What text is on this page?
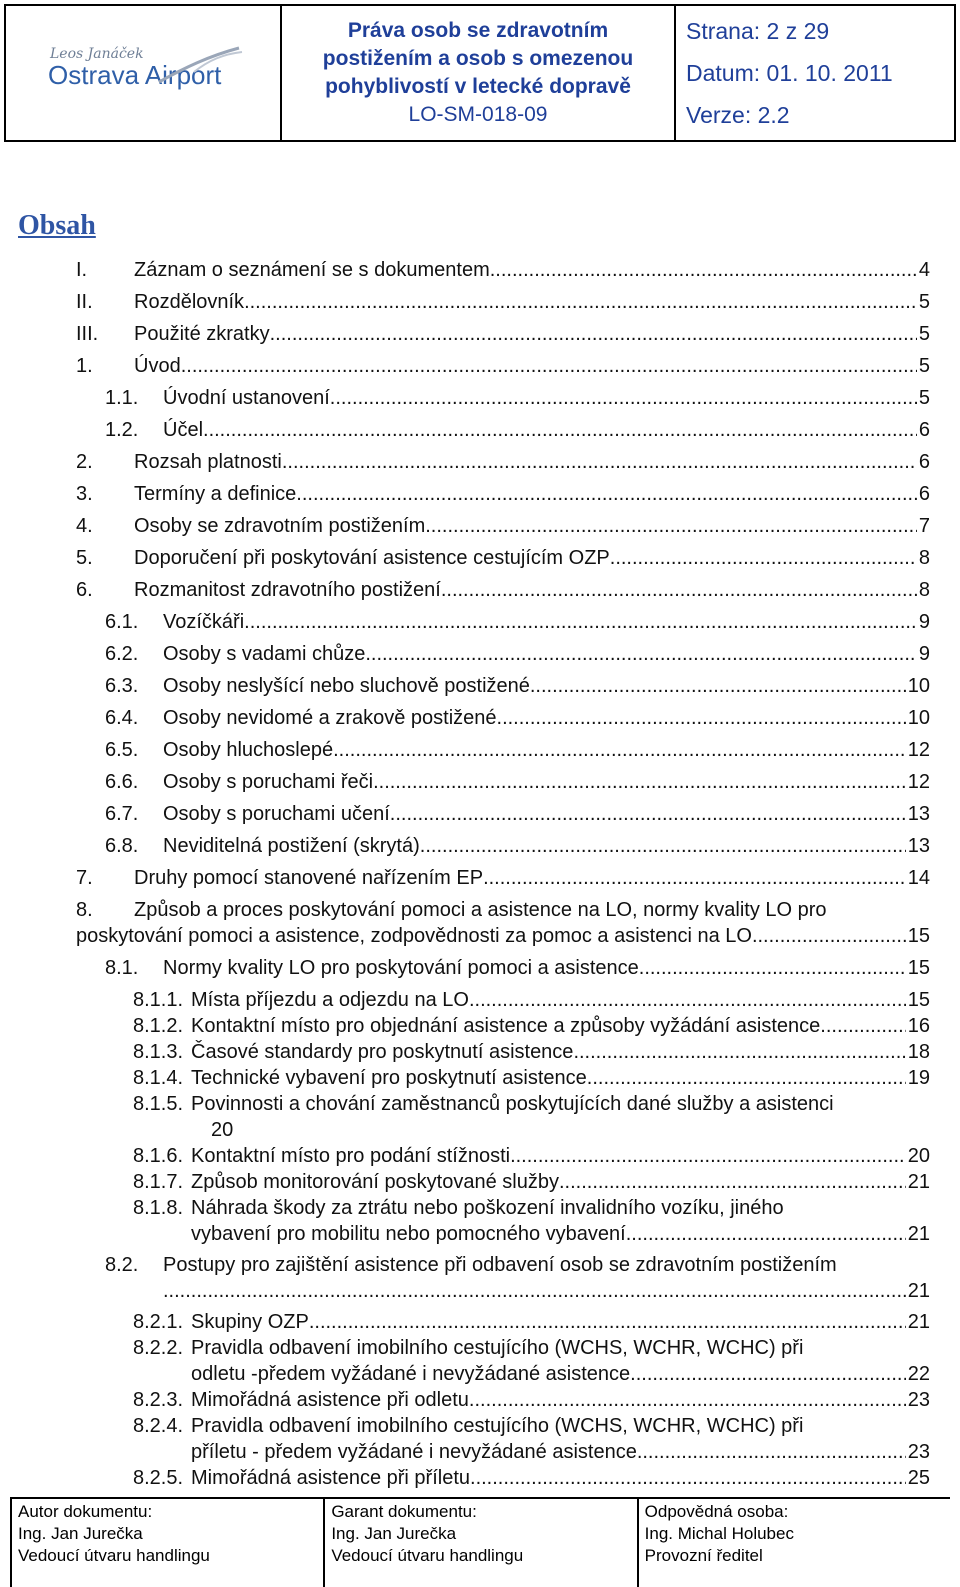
Leos Janáček
Ostrava Airport
Práva osob se zdravotním
postižením a osob s omezenou
pohyblivostí v letecké dopravě
LO-SM-018-09
Strana: 2 z 29
Datum: 01. 10. 2011
Verze: 2.2
Obsah
I.	Záznam o seznámení se s dokumentem .....	4
II.	Rozdělovník .....	5
III.	Použité zkratky .....	5
1.	Úvod .....	5
1.1.	Úvodní ustanovení .....	5
1.2.	Účel .....	6
2.	Rozsah platnosti .....	6
3.	Termíny a definice .....	6
4.	Osoby se zdravotním postižením .....	7
5.	Doporučení při poskytování asistence cestujícím OZP .....	8
6.	Rozmanitost zdravotního postižení .....	8
6.1.	Vozíčkáři .....	9
6.2.	Osoby s vadami chůze .....	9
6.3.	Osoby neslyšící nebo sluchově postižené .....	10
6.4.	Osoby nevidomé a zrakově postižené .....	10
6.5.	Osoby hluchoslepé .....	12
6.6.	Osoby s poruchami řeči .....	12
6.7.	Osoby s poruchami učení .....	13
6.8.	Neviditelná postižení (skrytá) .....	13
7.	Druhy pomocí stanovené nařízením EP .....	14
8. Způsob a proces poskytování pomoci a asistence na LO, normy kvality LO pro
poskytování pomoci a asistence, zodpovědnosti za pomoc a asistenci na LO .....	15
8.1.	Normy kvality LO pro poskytování pomoci a asistence .....	15
8.1.1. Místa příjezdu a odjezdu na LO .....	15
8.1.2. Kontaktní místo pro objednání asistence a způsoby vyžádání asistence .....	16
8.1.3. Časové standardy pro poskytnutí asistence .....	18
8.1.4. Technické vybavení pro poskytnutí asistence .....	19
8.1.5. Povinnosti a chování zaměstnanců poskytujících dané služby a asistenci
20
8.1.6. Kontaktní místo pro podání stížnosti .....	20
8.1.7. Způsob monitorování poskytované služby .....	21
8.1.8. Náhrada škody za ztrátu nebo poškození invalidního vozíku, jiného
vybavení pro mobilitu nebo pomocného vybavení .....	21
8.2. Postupy pro zajištění asistence při odbavení osob se zdravotním postižením
.....
21
8.2.1. Skupiny OZP .....	21
8.2.2. Pravidla odbavení imobilního cestujícího (WCHS, WCHR, WCHC) při
odletu -předem vyžádané i nevyžádané asistence .....	22
8.2.3. Mimořádná asistence při odletu .....	23
8.2.4. Pravidla odbavení imobilního cestujícího (WCHS, WCHR, WCHC) při
příletu - předem vyžádané i nevyžádané asistence .....	23
8.2.5. Mimořádná asistence při příletu .....	25
Autor dokumentu:
Ing. Jan Jurečka
Vedoucí útvaru handlingu
Garant dokumentu:
Ing. Jan Jurečka
Vedoucí útvaru handlingu
Odpovědná osoba:
Ing. Michal Holubec
Provozní ředitel
